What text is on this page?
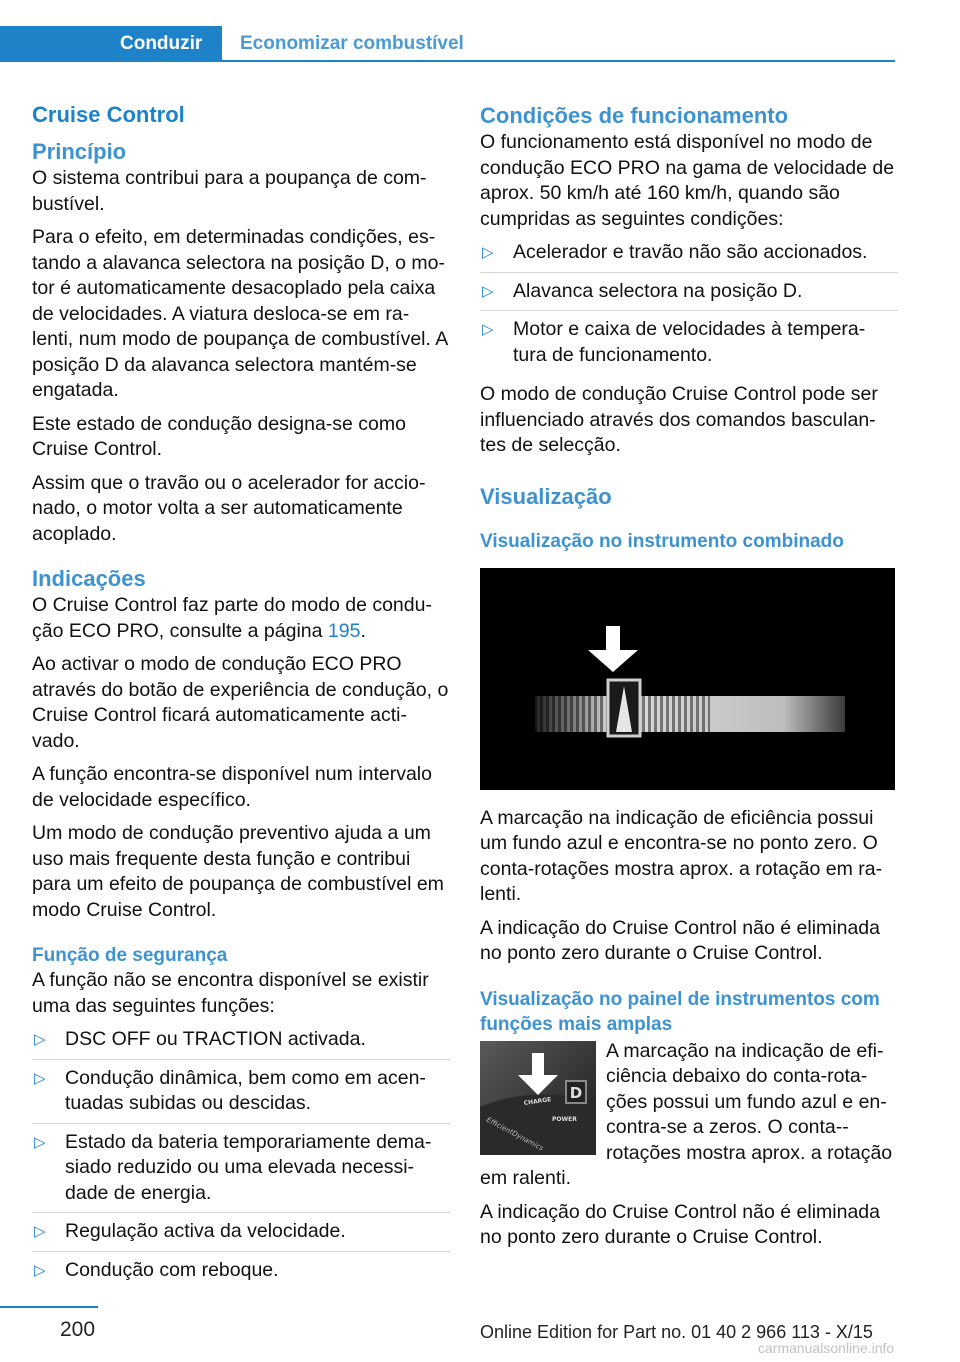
Conduzir	Economizar combustível
Cruise Control
Princípio

O sistema contribui para a poupança de com-bustível.

Para o efeito, em determinadas condições, es-tando a alavanca selectora na posição D, o mo-tor é automaticamente desacoplado pela caixa de velocidades. A viatura desloca-se em ra-lenti, num modo de poupança de combustível. A posição D da alavanca selectora mantém-se engatada.

Este estado de condução designa-se como Cruise Control.

Assim que o travão ou o acelerador for accio-nado, o motor volta a ser automaticamente acoplado.

Indicações

O Cruise Control faz parte do modo de condu-ção ECO PRO, consulte a página 195.

Ao activar o modo de condução ECO PRO através do botão de experiência de condução, o Cruise Control ficará automaticamente acti-vado.

A função encontra-se disponível num intervalo de velocidade específico.

Um modo de condução preventivo ajuda a um uso mais frequente desta função e contribui para um efeito de poupança de combustível em modo Cruise Control.

Função de segurança

A função não se encontra disponível se existir uma das seguintes funções:

▷ DSC OFF ou TRACTION activada.
▷ Condução dinâmica, bem como em acen-tuadas subidas ou descidas.
▷ Estado da bateria temporariamente dema-siado reduzido ou uma elevada necessi-dade de energia.
▷ Regulação activa da velocidade.
▷ Condução com reboque.
Condições de funcionamento

O funcionamento está disponível no modo de condução ECO PRO na gama de velocidade de aprox. 50 km/h até 160 km/h, quando são cumpridas as seguintes condições:

▷ Acelerador e travão não são accionados.
▷ Alavanca selectora na posição D.
▷ Motor e caixa de velocidades à tempera-tura de funcionamento.

O modo de condução Cruise Control pode ser influenciado através dos comandos basculan-tes de selecção.

Visualização
Visualização no instrumento combinado

A marcação na indicação de eficiência possui um fundo azul e encontra-se no ponto zero. O conta-rotações mostra aprox. a rotação em ra-lenti.

A indicação do Cruise Control não é eliminada no ponto zero durante o Cruise Control.

Visualização no painel de instrumentos com funções mais amplas
D
CHARGE
POWER
EfficientDynamics

A marcação na indicação de efi-ciência debaixo do conta-rota-ções possui um fundo azul e en-contra-se a zeros. O conta--rotações mostra aprox. a rotação em ralenti.

A indicação do Cruise Control não é eliminada no ponto zero durante o Cruise Control.

200	Online Edition for Part no. 01 40 2 966 113 - X/15
carmanualsonline.info
